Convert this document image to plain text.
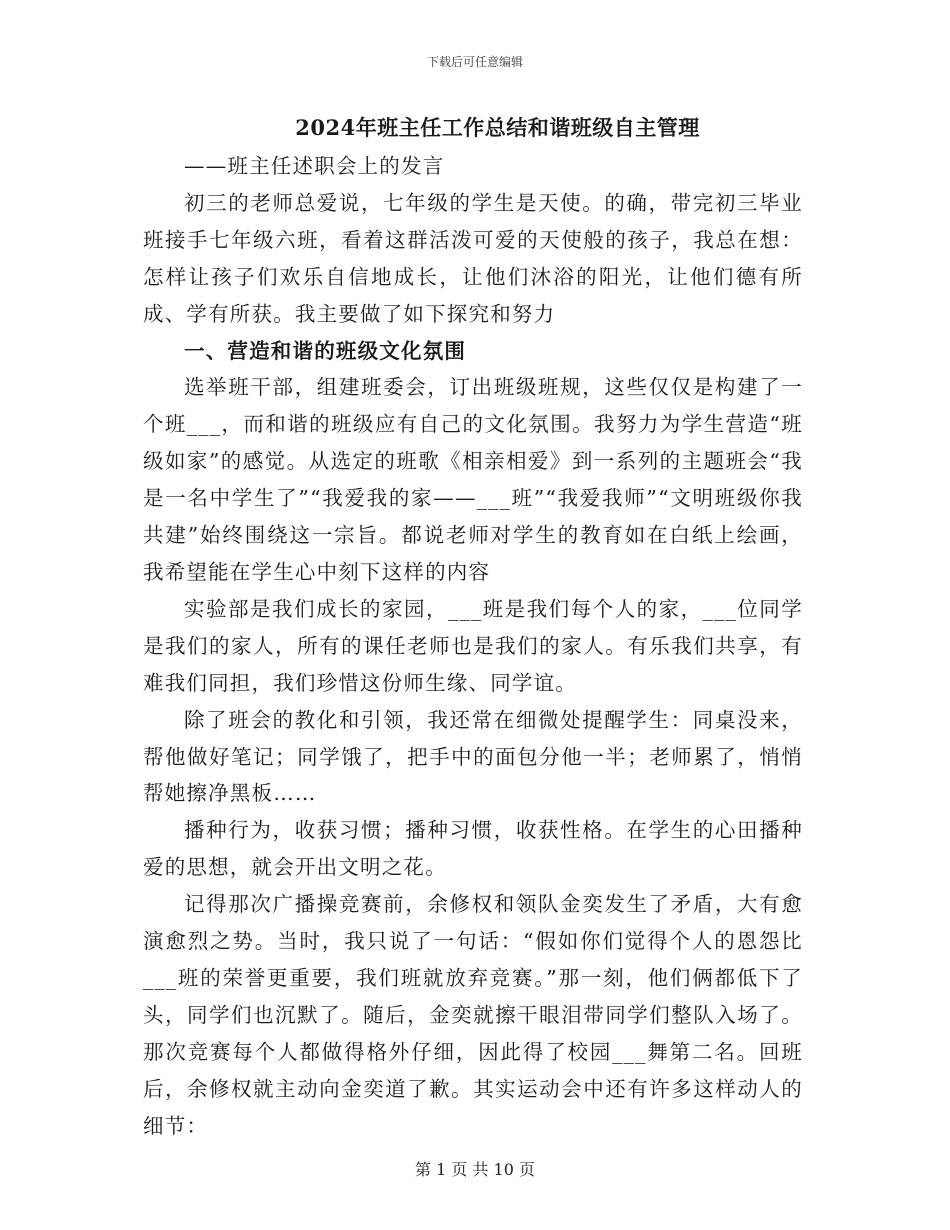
下载后可任意编辑
2024年班主任工作总结和谐班级自主管理

——班主任述职会上的发言

初三的老师总爱说，七年级的学生是天使。的确，带完初三毕业班接手七年级六班，看着这群活泼可爱的天使般的孩子，我总在想：怎样让孩子们欢乐自信地成长，让他们沐浴的阳光，让他们德有所成、学有所获。我主要做了如下探究和努力

一、营造和谐的班级文化氛围

选举班干部，组建班委会，订出班级班规，这些仅仅是构建了一个班___，而和谐的班级应有自己的文化氛围。我努力为学生营造“班级如家”的感觉。从选定的班歌《相亲相爱》到一系列的主题班会“我是一名中学生了”“我爱我的家——___班”“我爱我师”“文明班级你我共建”始终围绕这一宗旨。都说老师对学生的教育如在白纸上绘画，我希望能在学生心中刻下这样的内容

实验部是我们成长的家园，___班是我们每个人的家，___位同学是我们的家人，所有的课任老师也是我们的家人。有乐我们共享，有难我们同担，我们珍惜这份师生缘、同学谊。

除了班会的教化和引领，我还常在细微处提醒学生：同桌没来，帮他做好笔记；同学饿了，把手中的面包分他一半；老师累了，悄悄帮她擦净黑板……

播种行为，收获习惯；播种习惯，收获性格。在学生的心田播种爱的思想，就会开出文明之花。

记得那次广播操竞赛前，余修权和领队金奕发生了矛盾，大有愈演愈烈之势。当时，我只说了一句话：“假如你们觉得个人的恩怨比___班的荣誉更重要，我们班就放弃竞赛。”那一刻，他们俩都低下了头，同学们也沉默了。随后，金奕就擦干眼泪带同学们整队入场了。那次竞赛每个人都做得格外仔细，因此得了校园___舞第二名。回班后，余修权就主动向金奕道了歉。其实运动会中还有许多这样动人的细节：

第 1 页 共 10 页
